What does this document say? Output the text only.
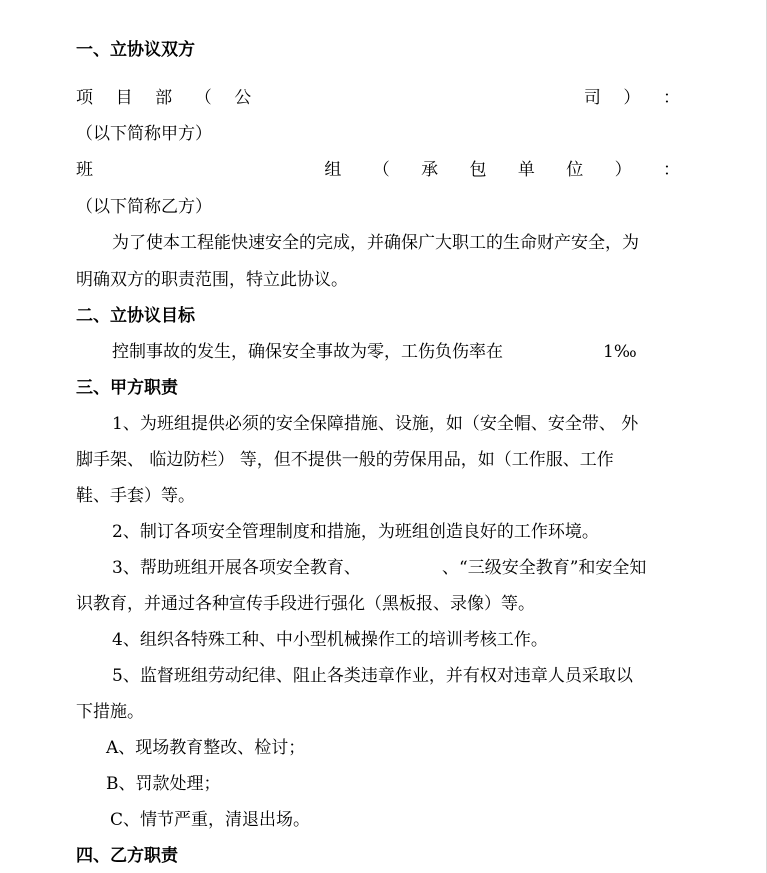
一、立协议双方
项 目 部 （ 公	司 ） ：
（以下简称甲方）
班	组 （ 承 包 单 位 ） ：
（以下简称乙方）
为了使本工程能快速安全的完成，并确保广大职工的生命财产安全，为
明确双方的职责范围，特立此协议。
二、立协议目标
控制事故的发生，确保安全事故为零，工伤负伤率在	1‰
三、甲方职责
1、为班组提供必须的安全保障措施、设施，如（安全帽、安全带、 外
脚手架、 临边防栏） 等，但不提供一般的劳保用品，如（工作服、工作
鞋、手套）等。
2、制订各项安全管理制度和措施，为班组创造良好的工作环境。
3、帮助班组开展各项安全教育、	、“三级安全教育”和安全知
识教育，并通过各种宣传手段进行强化（黑板报、录像）等。
4、组织各特殊工种、中小型机械操作工的培训考核工作。
5、监督班组劳动纪律、阻止各类违章作业，并有权对违章人员采取以
下措施。
A、现场教育整改、检讨；
B、罚款处理；
C、情节严重，清退出场。
四、乙方职责
